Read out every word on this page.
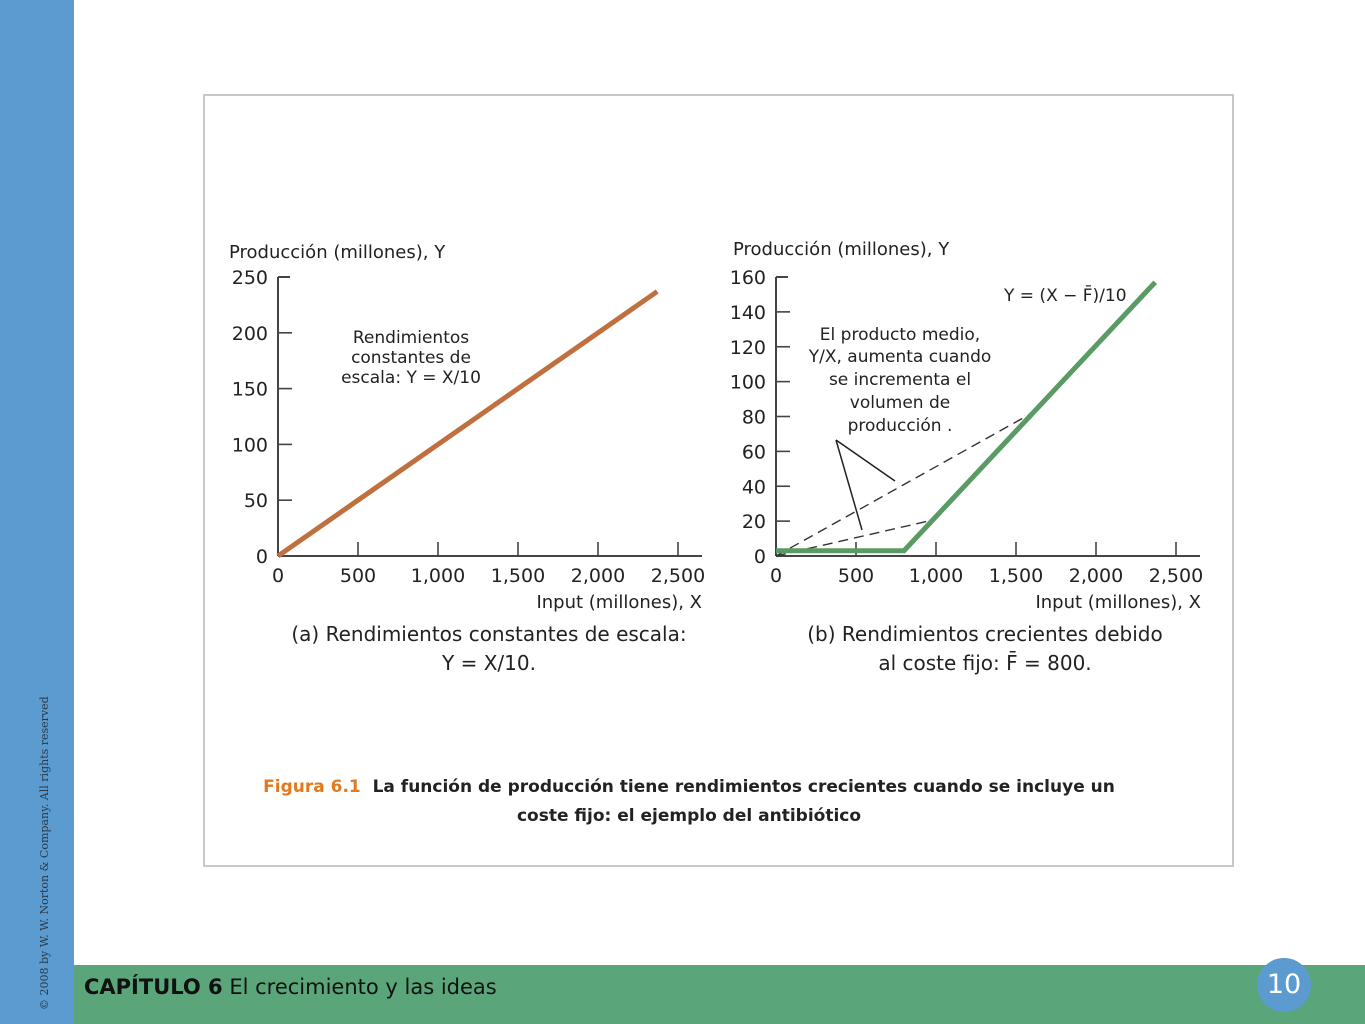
© 2008 by W. W. Norton & Company. All rights reserved
Producción (millones), Y
Input (millones), X
(a) Rendimientos constantes de escala:
Y = X/10.
Rendimientos
constantes de
escala: Y = X/10
0	500 1,000 1,500 2,000 2,500
0
50
100
150
200
250
Producción (millones), Y
Input (millones), X
(b) Rendimientos crecientes debido
al coste fijo: F̄ = 800.
Y = (X − F̄)/10
El producto medio,
Y/X, aumenta cuando
se incrementa el
volumen de
producción .
0	500 1,000 1,500 2,000 2,500
0
20
40
60
80
100
120
140
160
Figura 6.1 La función de producción tiene rendimientos crecientes cuando se incluye un
coste fijo: el ejemplo del antibiótico
CAPÍTULO 6 El crecimiento y las ideas	10
